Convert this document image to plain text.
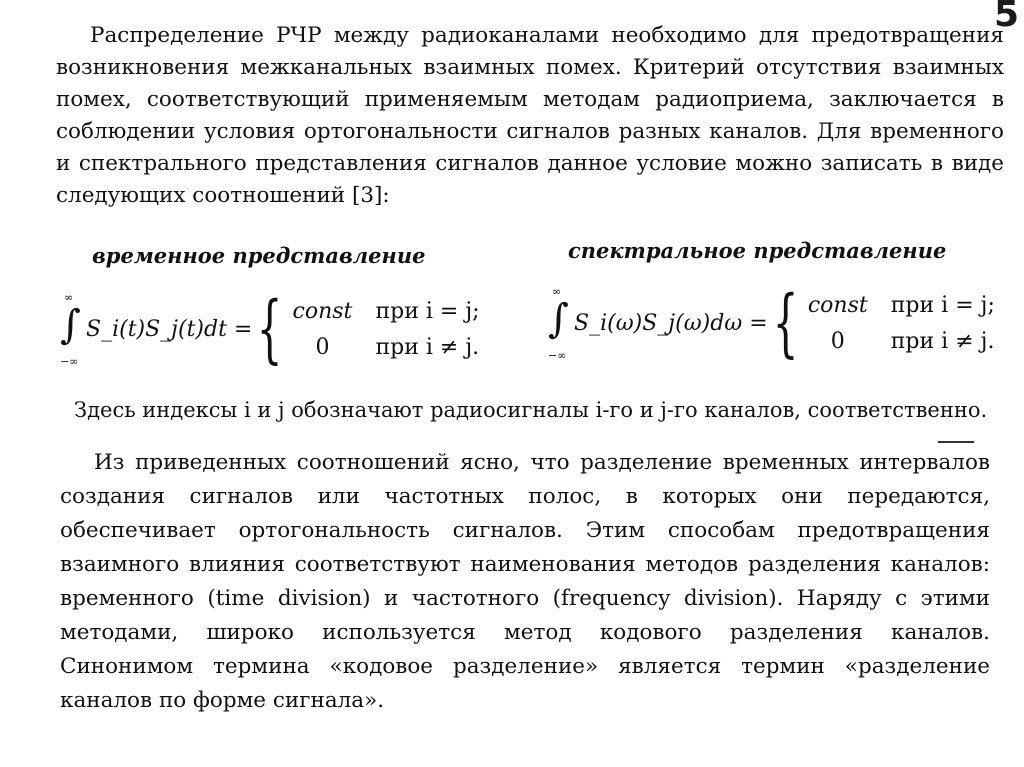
5
Распределение РЧР между радиоканалами необходимо для предотвращения возникновения межканальных взаимных помех. Критерий отсутствия взаимных помех, соответствующий применяемым методам радиоприема, заключается в соблюдении условия ортогональности сигналов разных каналов. Для временного и спектрального представления сигналов данное условие можно записать в виде следующих соотношений [3]:
временное представление	спектральное представление
∞
∫
−∞
S_i(t)S_j(t)dt = { const при i = j;
0	при i ≠ j.
∞
∫
−∞
S_i(ω)S_j(ω)dω = { const при i = j;
0	при i ≠ j.
Здесь индексы i и j обозначают радиосигналы i-го и j-го каналов, соответственно.
Из приведенных соотношений ясно, что разделение временных интервалов создания сигналов или частотных полос, в которых они передаются, обеспечивает ортогональность сигналов. Этим способам предотвращения взаимного влияния соответствуют наименования методов разделения каналов: временного (time division) и частотного (frequency division). Наряду с этими методами, широко используется метод кодового разделения каналов. Синонимом термина «кодовое разделение» является термин «разделение каналов по форме сигнала».
